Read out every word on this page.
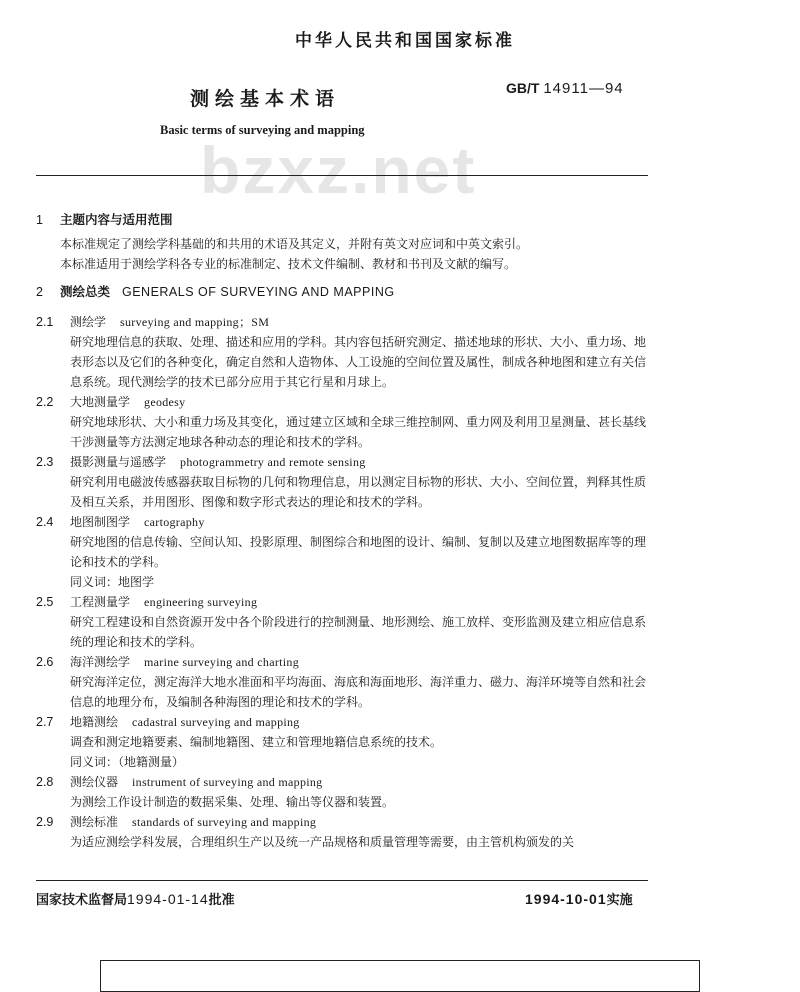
中华人民共和国国家标准
测绘基本术语	GB/T 14911—94
Basic terms of surveying and mapping
bzxz.net
1 主题内容与适用范围
本标准规定了测绘学科基础的和共用的术语及其定义，并附有英文对应词和中英文索引。
本标准适用于测绘学科各专业的标准制定、技术文件编制、教材和书刊及文献的编写。
2 测绘总类 GENERALS OF SURVEYING AND MAPPING
2.1 测绘学 surveying and mapping；SM
研究地理信息的获取、处理、描述和应用的学科。其内容包括研究测定、描述地球的形状、大小、重力场、地表形态以及它们的各种变化，确定自然和人造物体、人工设施的空间位置及属性，制成各种地图和建立有关信息系统。现代测绘学的技术已部分应用于其它行星和月球上。
2.2 大地测量学 geodesy
研究地球形状、大小和重力场及其变化，通过建立区域和全球三维控制网、重力网及利用卫星测量、甚长基线干涉测量等方法测定地球各种动态的理论和技术的学科。
2.3 摄影测量与遥感学 photogrammetry and remote sensing
研究利用电磁波传感器获取目标物的几何和物理信息，用以测定目标物的形状、大小、空间位置，判释其性质及相互关系，并用图形、图像和数字形式表达的理论和技术的学科。
2.4 地图制图学 cartography
研究地图的信息传输、空间认知、投影原理、制图综合和地图的设计、编制、复制以及建立地图数据库等的理论和技术的学科。
同义词：地图学
2.5 工程测量学 engineering surveying
研究工程建设和自然资源开发中各个阶段进行的控制测量、地形测绘、施工放样、变形监测及建立相应信息系统的理论和技术的学科。
2.6 海洋测绘学 marine surveying and charting
研究海洋定位，测定海洋大地水准面和平均海面、海底和海面地形、海洋重力、磁力、海洋环境等自然和社会信息的地理分布，及编制各种海图的理论和技术的学科。
2.7 地籍测绘 cadastral surveying and mapping
调查和测定地籍要素、编制地籍图、建立和管理地籍信息系统的技术。
同义词：（地籍测量）
2.8 测绘仪器 instrument of surveying and mapping
为测绘工作设计制造的数据采集、处理、输出等仪器和装置。
2.9 测绘标准 standards of surveying and mapping
为适应测绘学科发展，合理组织生产以及统一产品规格和质量管理等需要，由主管机构颁发的关
国家技术监督局1994-01-14批准	1994-10-01实施
